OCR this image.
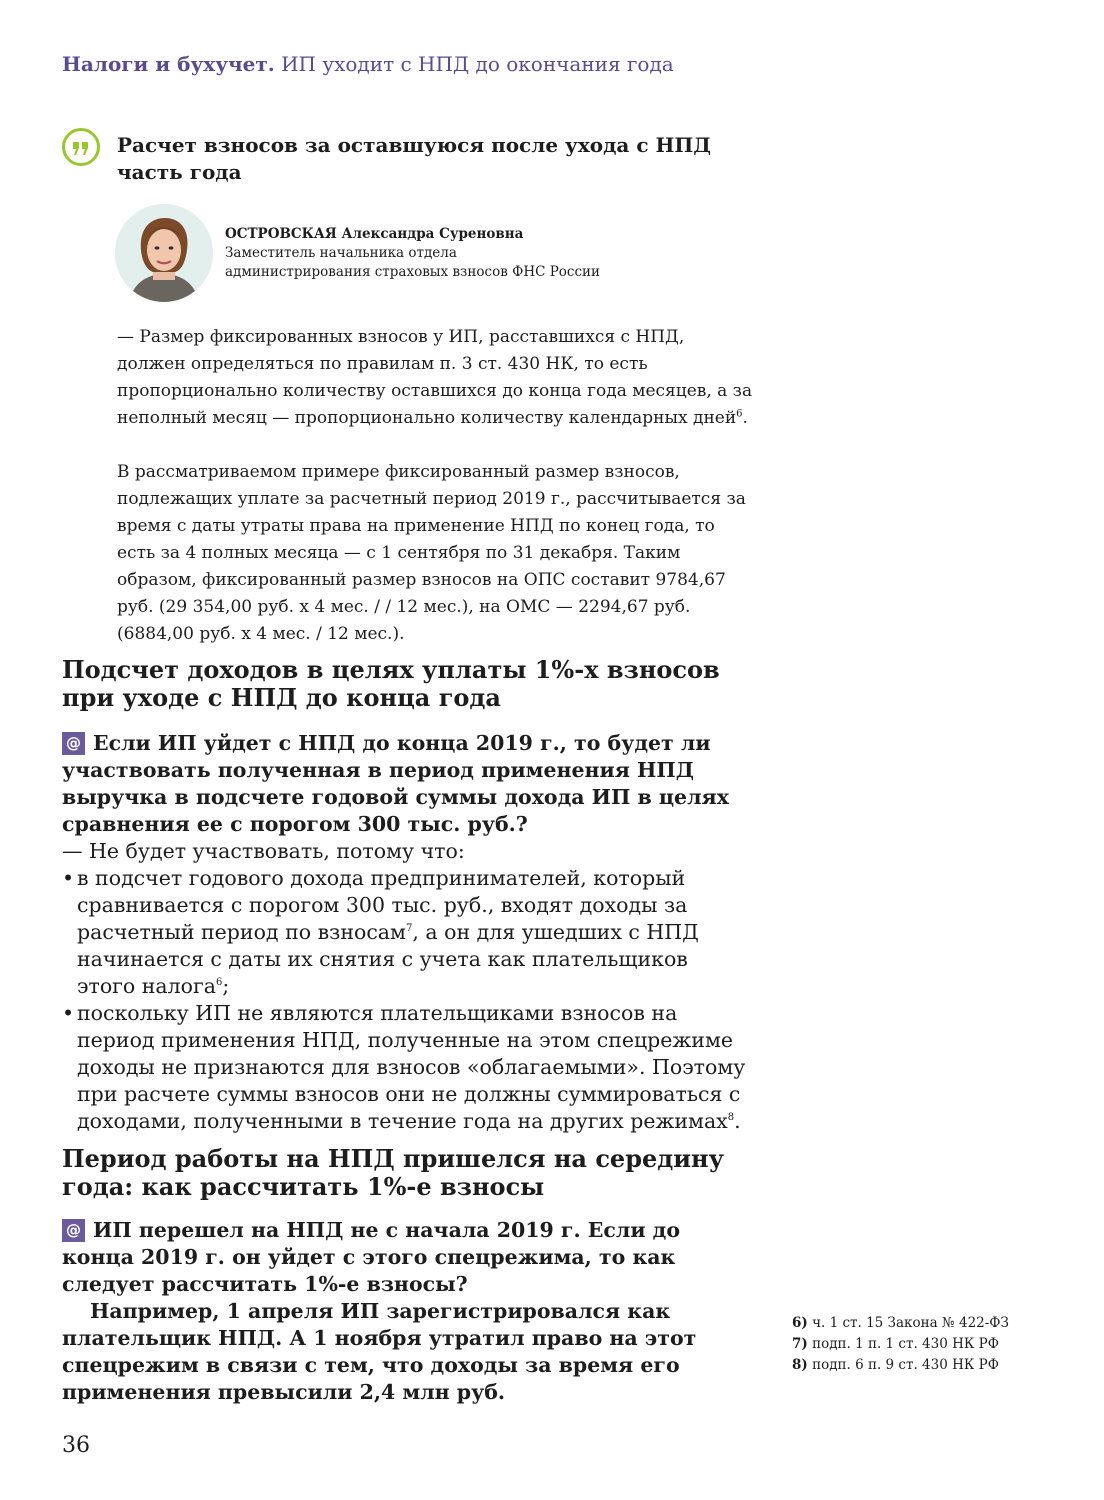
Налоги и бухучет. ИП уходит с НПД до окончания года
Расчет взносов за оставшуюся после ухода с НПД часть года
ОСТРОВСКАЯ Александра Суреновна
Заместитель начальника отдела администрирования страховых взносов ФНС России
— Размер фиксированных взносов у ИП, расставшихся с НПД, должен определяться по правилам п. 3 ст. 430 НК, то есть пропорционально количеству оставшихся до конца года месяцев, а за неполный месяц — пропорционально количеству календарных дней$^6$.
В рассматриваемом примере фиксированный размер взносов, подлежащих уплате за расчетный период 2019 г., рассчитывается за время с даты утраты права на применение НПД по конец года, то есть за 4 полных месяца — с 1 сентября по 31 декабря. Таким образом, фиксированный размер взносов на ОПС составит 9784,67 руб. (29 354,00 руб. х 4 мес. / / 12 мес.), на ОМС — 2294,67 руб. (6884,00 руб. х 4 мес. / 12 мес.).
Подсчет доходов в целях уплаты 1%-х взносов при уходе с НПД до конца года
@ Если ИП уйдет с НПД до конца 2019 г., то будет ли участвовать полученная в период применения НПД выручка в подсчете годовой суммы дохода ИП в целях сравнения ее с порогом 300 тыс. руб.?
— Не будет участвовать, потому что:
• в подсчет годового дохода предпринимателей, который сравнивается с порогом 300 тыс. руб., входят доходы за расчетный период по взносам$^7$, а он для ушедших с НПД начинается с даты их снятия с учета как плательщиков этого налога$^6$;
• поскольку ИП не являются плательщиками взносов на период применения НПД, полученные на этом спецрежиме доходы не признаются для взносов «облагаемыми». Поэтому при расчете суммы взносов они не должны суммироваться с доходами, полученными в течение года на других режимах$^8$.
Период работы на НПД пришелся на середину года: как рассчитать 1%-е взносы
@ ИП перешел на НПД не с начала 2019 г. Если до конца 2019 г. он уйдет с этого спецрежима, то как следует рассчитать 1%-е взносы?
Например, 1 апреля ИП зарегистрировался как плательщик НПД. А 1 ноября утратил право на этот спецрежим в связи с тем, что доходы за время его применения превысили 2,4 млн руб.
6) ч. 1 ст. 15 Закона № 422-ФЗ
7) подп. 1 п. 1 ст. 430 НК РФ
8) подп. 6 п. 9 ст. 430 НК РФ
36
